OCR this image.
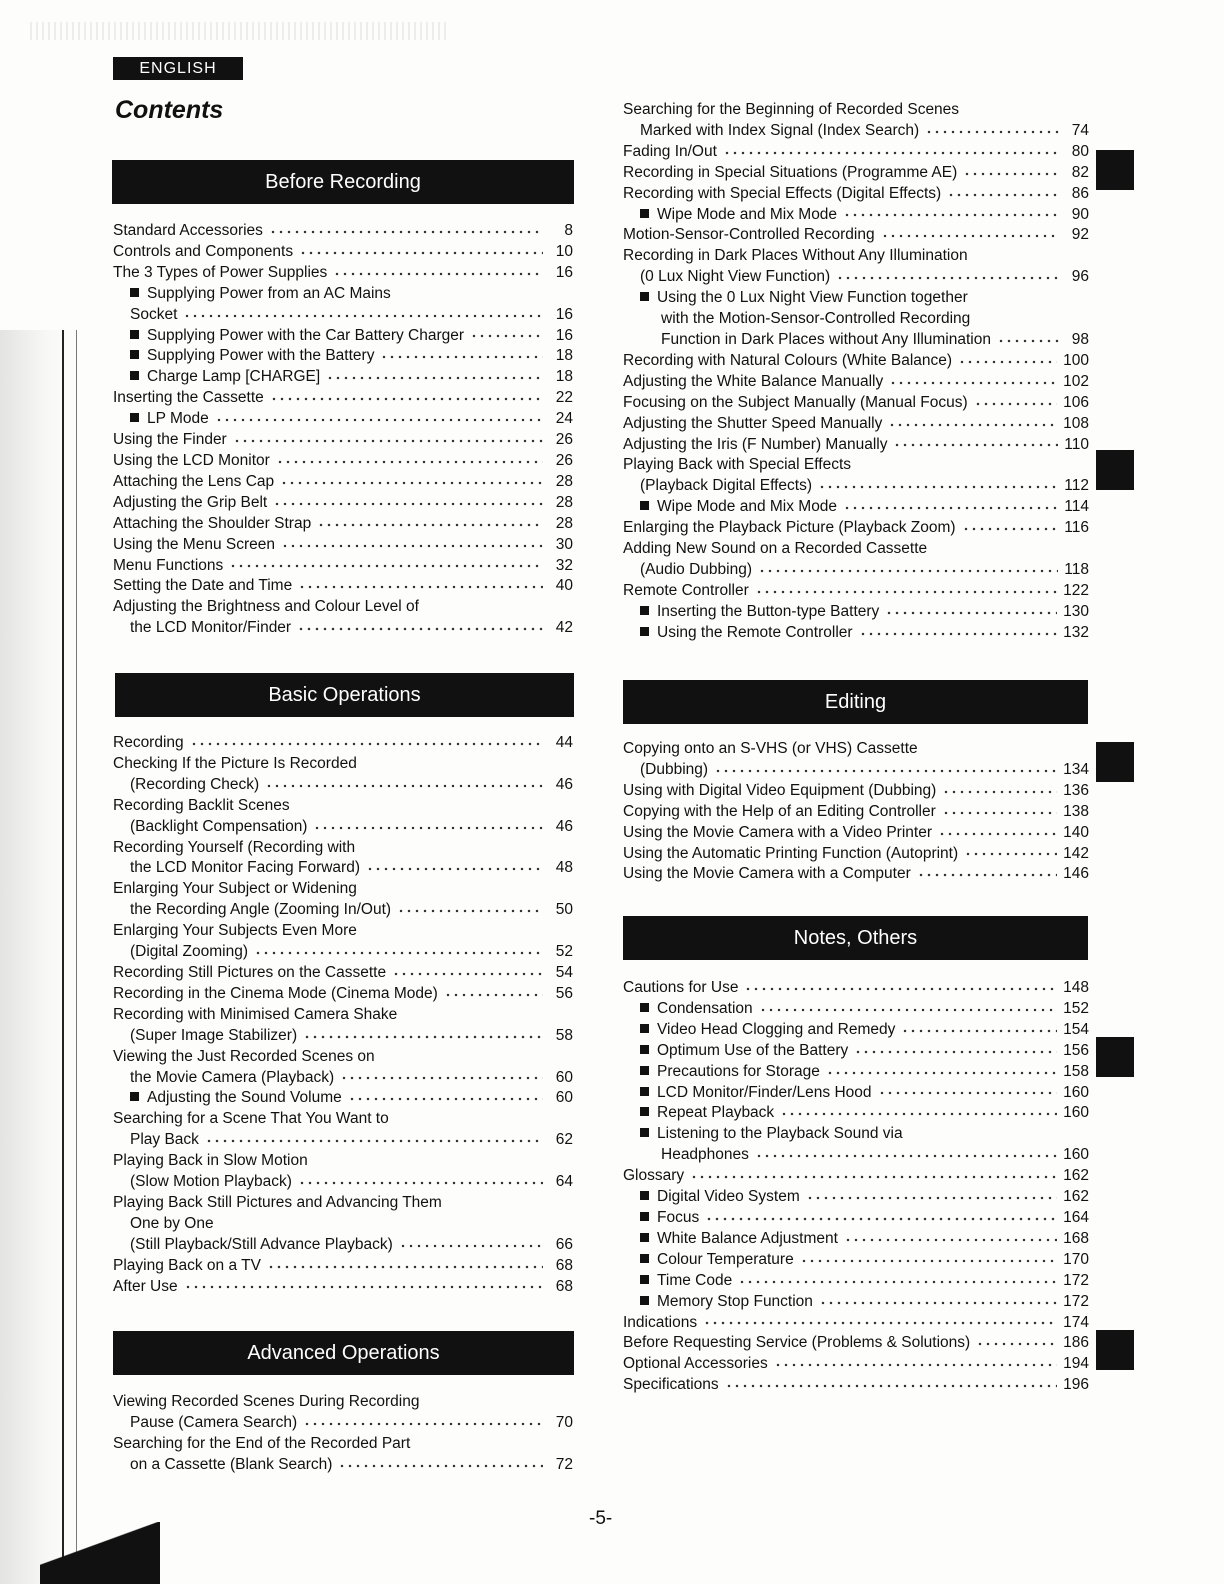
ENGLISH
Contents
Before Recording
Standard Accessories	8
Controls and Components	10
The 3 Types of Power Supplies	16
Supplying Power from an AC Mains
Socket	16
Supplying Power with the Car Battery Charger	16
Supplying Power with the Battery	18
Charge Lamp [CHARGE]	18
Inserting the Cassette	22
LP Mode	24
Using the Finder	26
Using the LCD Monitor	26
Attaching the Lens Cap	28
Adjusting the Grip Belt	28
Attaching the Shoulder Strap	28
Using the Menu Screen	30
Menu Functions	32
Setting the Date and Time	40
Adjusting the Brightness and Colour Level of
the LCD Monitor/Finder	42
Basic Operations
Recording	44
Checking If the Picture Is Recorded
(Recording Check)	46
Recording Backlit Scenes
(Backlight Compensation)	46
Recording Yourself (Recording with
the LCD Monitor Facing Forward)	48
Enlarging Your Subject or Widening
the Recording Angle (Zooming In/Out)	50
Enlarging Your Subjects Even More
(Digital Zooming)	52
Recording Still Pictures on the Cassette	54
Recording in the Cinema Mode (Cinema Mode)	56
Recording with Minimised Camera Shake
(Super Image Stabilizer)	58
Viewing the Just Recorded Scenes on
the Movie Camera (Playback)	60
Adjusting the Sound Volume	60
Searching for a Scene That You Want to
Play Back	62
Playing Back in Slow Motion
(Slow Motion Playback)	64
Playing Back Still Pictures and Advancing Them
One by One
(Still Playback/Still Advance Playback)	66
Playing Back on a TV	68
After Use	68
Advanced Operations
Viewing Recorded Scenes During Recording
Pause (Camera Search)	70
Searching for the End of the Recorded Part
on a Cassette (Blank Search)	72
Searching for the Beginning of Recorded Scenes
Marked with Index Signal (Index Search)	74
Fading In/Out	80
Recording in Special Situations (Programme AE)	82
Recording with Special Effects (Digital Effects)	86
Wipe Mode and Mix Mode	90
Motion-Sensor-Controlled Recording	92
Recording in Dark Places Without Any Illumination
(0 Lux Night View Function)	96
Using the 0 Lux Night View Function together
with the Motion-Sensor-Controlled Recording
Function in Dark Places without Any Illumination	98
Recording with Natural Colours (White Balance)	100
Adjusting the White Balance Manually	102
Focusing on the Subject Manually (Manual Focus)	106
Adjusting the Shutter Speed Manually	108
Adjusting the Iris (F Number) Manually	110
Playing Back with Special Effects
(Playback Digital Effects)	112
Wipe Mode and Mix Mode	114
Enlarging the Playback Picture (Playback Zoom)	116
Adding New Sound on a Recorded Cassette
(Audio Dubbing)	118
Remote Controller	122
Inserting the Button-type Battery	130
Using the Remote Controller	132
Editing
Copying onto an S-VHS (or VHS) Cassette
(Dubbing)	134
Using with Digital Video Equipment (Dubbing)	136
Copying with the Help of an Editing Controller	138
Using the Movie Camera with a Video Printer	140
Using the Automatic Printing Function (Autoprint)	142
Using the Movie Camera with a Computer	146
Notes, Others
Cautions for Use	148
Condensation	152
Video Head Clogging and Remedy	154
Optimum Use of the Battery	156
Precautions for Storage	158
LCD Monitor/Finder/Lens Hood	160
Repeat Playback	160
Listening to the Playback Sound via
Headphones	160
Glossary	162
Digital Video System	162
Focus	164
White Balance Adjustment	168
Colour Temperature	170
Time Code	172
Memory Stop Function	172
Indications	174
Before Requesting Service (Problems & Solutions)	186
Optional Accessories	194
Specifications	196
-5-
